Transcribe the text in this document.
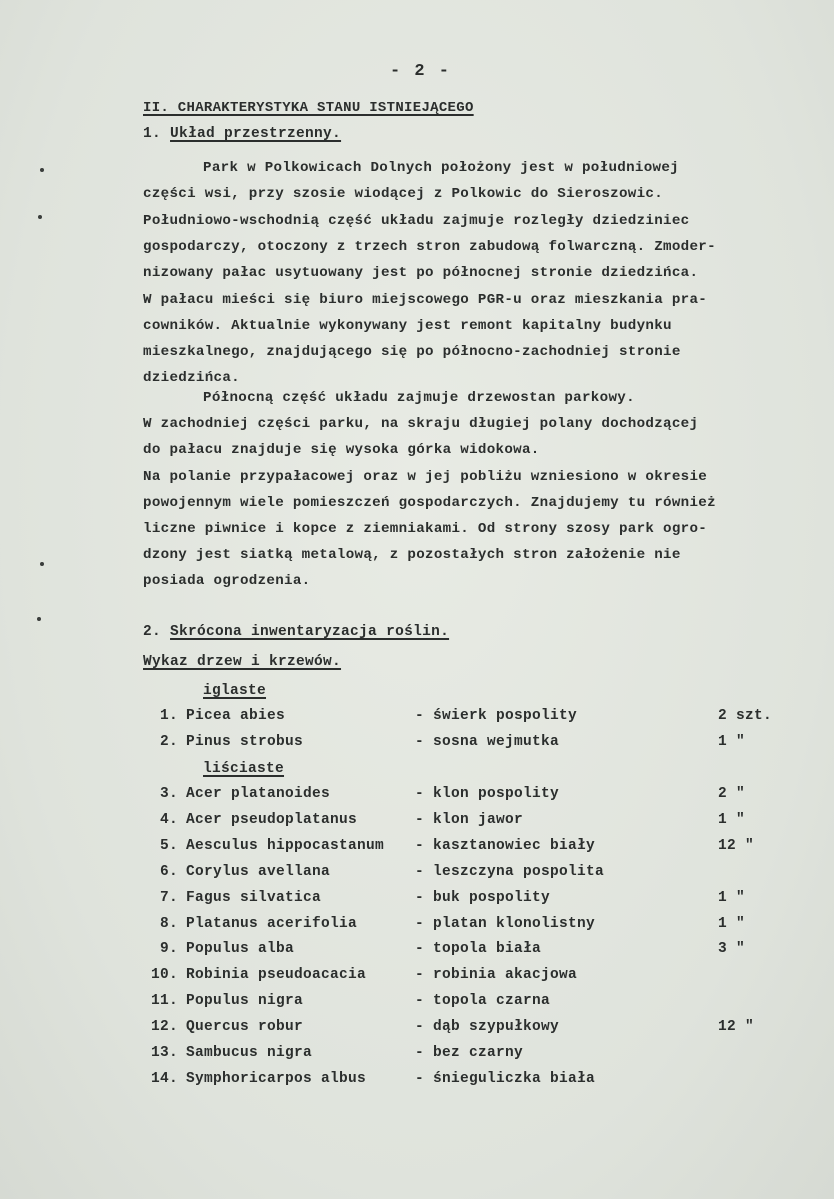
- 2 -
II. CHARAKTERYSTYKA STANU ISTNIEJĄCEGO
1. Układ przestrzenny.
Park w Polkowicach Dolnych położony jest w południowej
części wsi, przy szosie wiodącej z Polkowic do Sieroszowic.
Południowo-wschodnią część układu zajmuje rozległy dziedziniec
gospodarczy, otoczony z trzech stron zabudową folwarczną. Zmoder-
nizowany pałac usytuowany jest po północnej stronie dziedzińca.
W pałacu mieści się biuro miejscowego PGR-u oraz mieszkania pra-
cowników. Aktualnie wykonywany jest remont kapitalny budynku
mieszkalnego, znajdującego się po północno-zachodniej stronie
dziedzińca.
Północną część układu zajmuje drzewostan parkowy.
W zachodniej części parku, na skraju długiej polany dochodzącej
do pałacu znajduje się wysoka górka widokowa.
Na polanie przypałacowej oraz w jej pobliżu wzniesiono w okresie
powojennym wiele pomieszczeń gospodarczych. Znajdujemy tu również
liczne piwnice i kopce z ziemniakami. Od strony szosy park ogro-
dzony jest siatką metalową, z pozostałych stron założenie nie
posiada ogrodzenia.
2. Skrócona inwentaryzacja roślin.
Wykaz drzew i krzewów.
iglaste
liściaste
1. Picea abies	- świerk pospolity	2 szt.
2. Pinus strobus	- sosna wejmutka	1 "
3. Acer platanoides	- klon pospolity	2 "
4. Acer pseudoplatanus	- klon jawor	1 "
5. Aesculus hippocastanum - kasztanowiec biały	12 "
6. Corylus avellana	- leszczyna pospolita
7. Fagus silvatica	- buk pospolity	1 "
8. Platanus acerifolia	- platan klonolistny	1 "
9. Populus alba	- topola biała	3 "
10. Robinia pseudoacacia	- robinia akacjowa
11. Populus nigra	- topola czarna
12. Quercus robur	- dąb szypułkowy	12 "
13. Sambucus nigra	- bez czarny
14. Symphoricarpos albus	- śnieguliczka biała
